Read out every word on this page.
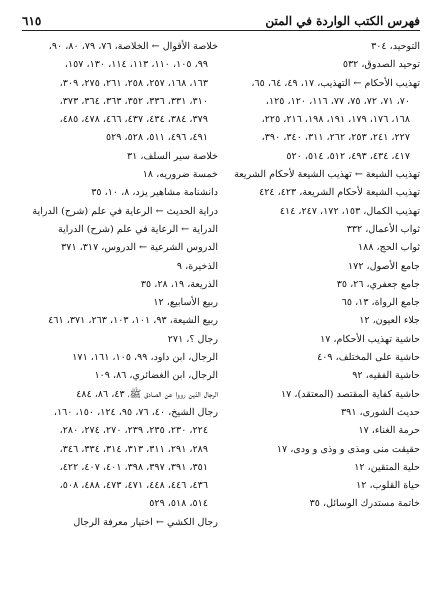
فهرس الكتب الواردة في المتن
٦١٥
التوحيد، ٣٠٤
توحيد الصدوق، ٥٣٢
تهذيب الأحكام ← التهذيب، ١٧، ٤٩، ٦٤، ٦٥،
٧٠، ٧١، ٧٢، ٧٥، ٧٧، ١١٦، ١٢٠، ١٢٥،
١٦٨، ١٧٦، ١٧٩، ١٩١، ١٩٨، ٢١٦، ٢٢٥،
٢٢٧، ٢٤١، ٢٥٣، ٢٦٢، ٣١١، ٣٤٠، ٣٩٠،
٤١٧، ٤٣٤، ٤٩٣، ٥١٢، ٥١٤، ٥٢٠
تهذيب الشيعة ← تهذيب الشيعة لأحكام الشريعة
تهذيب الشيعة لأحكام الشريعة، ٤٢٣، ٤٢٤
تهذيب الكمال، ١٥٣، ١٧٢، ٢٤٧، ٤١٤
ثواب الأعمال، ٣٣٢
ثواب الحج، ١٨٨
جامع الأصول، ١٧٢
جامع جعفري، ٢٦، ٣٥
جامع الرواة، ١٣، ٦٥
جلاء العيون، ١٢
حاشية تهذيب الأحكام، ١٧
حاشية على المختلف، ٤٠٩
حاشية الفقيه، ٩٢
حاشية كفاية المقتصد (المعتقد)، ١٧
حديث الشورى، ٣٩١
حرمة الغناء، ١٧
حقيقت منى ومذى و وذى و ودى، ١٧
حلية المتقين، ١٢
حياة القلوب، ١٢
خاتمة مستدرك الوسائل، ٣٥
خلاصة الأقوال ← الخلاصة، ٧٦، ٧٩، ٨٠، ٩٠،
٩٩، ١٠٥، ١١٠، ١١٣، ١١٤، ١٣٠، ١٥٧،
١٦٣، ١٦٨، ٢٥٧، ٢٥٨، ٢٦١، ٢٧٥، ٣٠٩،
٣١٠، ٣٣١، ٣٣٦، ٣٥٢، ٣٦٣، ٣٦٤، ٣٧٣،
٣٧٩، ٣٨٤، ٤٣٤، ٤٣٧، ٤٦٦، ٤٧٨، ٤٨٥،
٤٩١، ٤٩٦، ٥١١، ٥٢٨، ٥٢٩
خلاصة سير السلف، ٣١
خمسة ضروريه، ١٨
دانشنامة مشاهير يزد، ٨، ١٠، ٣٥
دراية الحديث ← الرعاية في علم (شرح) الدراية
الدراية ← الرعاية في علم (شرح) الدراية
الدروس الشرعية ← الدروس، ٣١٧، ٣٧١
الذخيرة، ٩
الذريعة، ١٩، ٢٨، ٣٥
ربيع الأسابيع، ١٢
ربيع الشيعة، ٩٣، ١٠١، ١٠٣، ٢٦٣، ٣٧١، ٤٦١
رجال ؟، ٢٧١
الرجال، ابن داود، ٩٩، ١٠٥، ١٦١، ١٧١
الرجال، ابن الغضائري، ٨٦، ١٠٩
الرجال الذين رووا عن الصادق ﷺ، ٤٣، ٨٦، ٤٨٤
رجال الشيخ، ٤٠، ٧٦، ٩٥، ١٢٤، ١٥٠، ١٦٠،
٢٢٤، ٢٣٠، ٢٣٥، ٢٣٩، ٢٧٠، ٢٧٤، ٢٨٠،
٢٨٩، ٢٩١، ٣١١، ٣١٣، ٣١٤، ٣٣٤، ٣٤٦،
٣٥١، ٣٩١، ٣٩٧، ٣٩٨، ٤٠١، ٤٠٧، ٤٢٢،
٤٣٦، ٤٤٦، ٤٤٨، ٤٧١، ٤٧٣، ٤٨٨، ٥٠٨،
٥١٤، ٥١٨، ٥٢٩
رجال الكشي ← اختيار معرفة الرجال
